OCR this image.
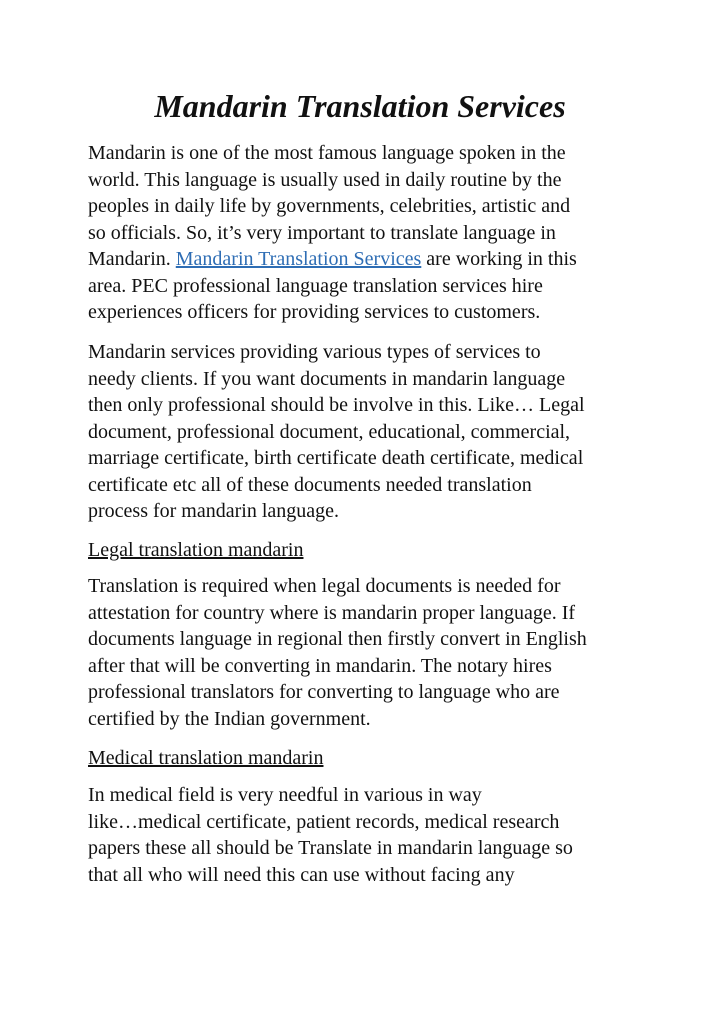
Mandarin Translation Services
Mandarin is one of the most famous language spoken in the
world. This language is usually used in daily routine by the
peoples in daily life by governments, celebrities, artistic and
so officials. So, it’s very important to translate language in
Mandarin. Mandarin Translation Services are working in this
area. PEC professional language translation services hire
experiences officers for providing services to customers.
Mandarin services providing various types of services to
needy clients. If you want documents in mandarin language
then only professional should be involve in this. Like… Legal
document, professional document, educational, commercial,
marriage certificate, birth certificate death certificate, medical
certificate etc all of these documents needed translation
process for mandarin language.
Legal translation mandarin
Translation is required when legal documents is needed for
attestation for country where is mandarin proper language. If
documents language in regional then firstly convert in English
after that will be converting in mandarin. The notary hires
professional translators for converting to language who are
certified by the Indian government.
Medical translation mandarin
In medical field is very needful in various in way
like…medical certificate, patient records, medical research
papers these all should be Translate in mandarin language so
that all who will need this can use without facing any
